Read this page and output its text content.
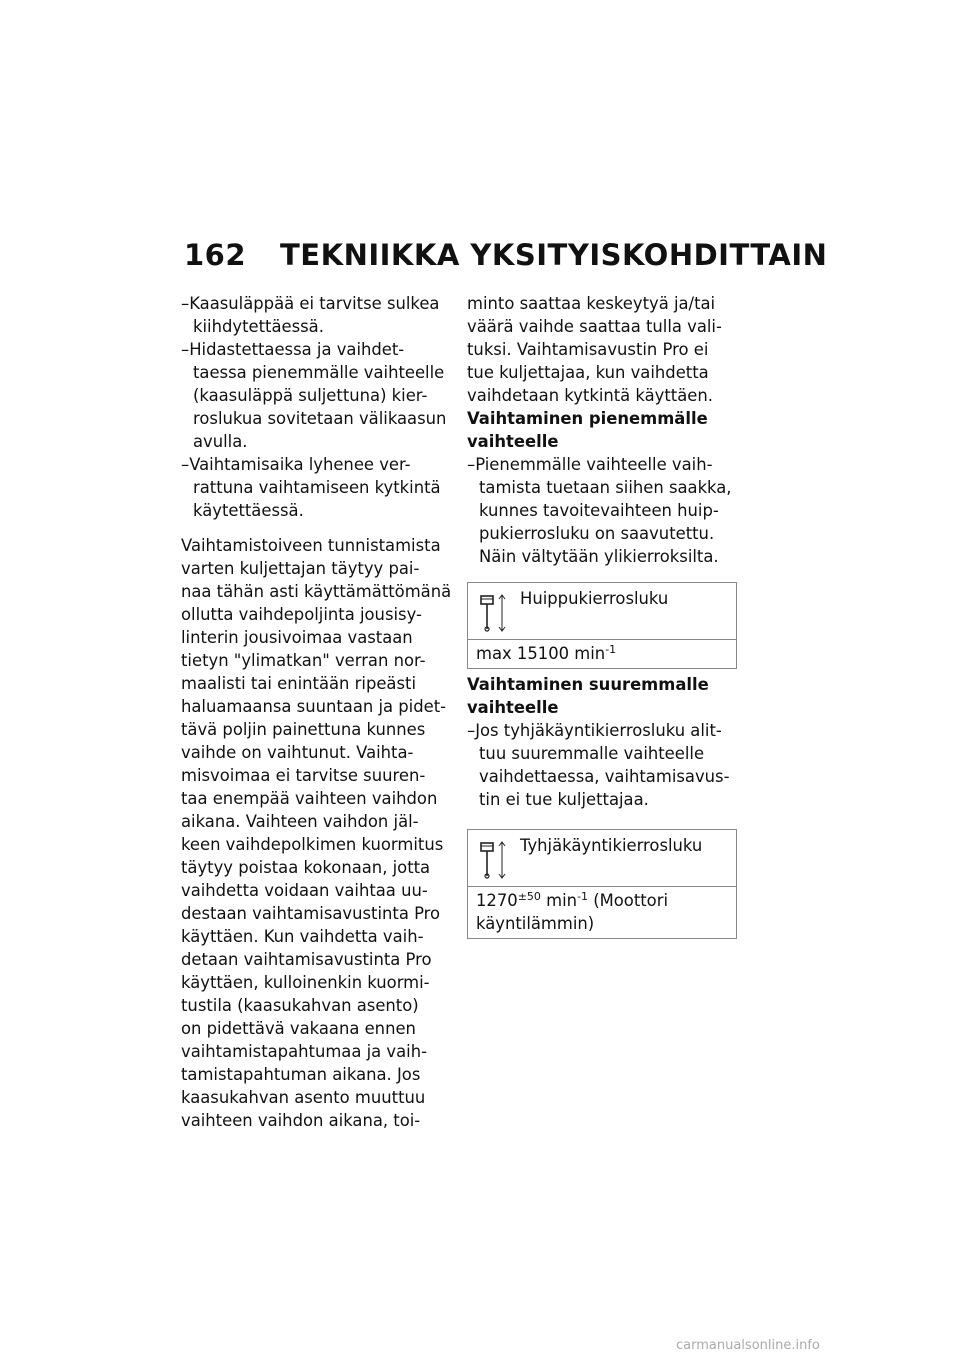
162 TEKNIIKKA YKSITYISKOHDITTAIN
–Kaasuläppää ei tarvitse sulkea
kiihdytettäessä.
–Hidastettaessa ja vaihdet-
taessa pienemmälle vaihteelle
(kaasuläppä suljettuna) kier-
roslukua sovitetaan välikaasun
avulla.
–Vaihtamisaika lyhenee ver-
rattuna vaihtamiseen kytkintä
käytettäessä.
Vaihtamistoiveen tunnistamista
varten kuljettajan täytyy pai-
naa tähän asti käyttämättömänä
ollutta vaihdepoljinta jousisy-
linterin jousivoimaa vastaan
tietyn "ylimatkan" verran nor-
maalisti tai enintään ripeästi
haluamaansa suuntaan ja pidet-
tävä poljin painettuna kunnes
vaihde on vaihtunut. Vaihta-
misvoimaa ei tarvitse suuren-
taa enempää vaihteen vaihdon
aikana. Vaihteen vaihdon jäl-
keen vaihdepolkimen kuormitus
täytyy poistaa kokonaan, jotta
vaihdetta voidaan vaihtaa uu-
destaan vaihtamisavustinta Pro
käyttäen. Kun vaihdetta vaih-
detaan vaihtamisavustinta Pro
käyttäen, kulloinenkin kuormi-
tustila (kaasukahvan asento)
on pidettävä vakaana ennen
vaihtamistapahtumaa ja vaih-
tamistapahtuman aikana. Jos
kaasukahvan asento muuttuu
vaihteen vaihdon aikana, toi-
minto saattaa keskeytyä ja/tai
väärä vaihde saattaa tulla vali-
tuksi. Vaihtamisavustin Pro ei
tue kuljettajaa, kun vaihdetta
vaihdetaan kytkintä käyttäen.
Vaihtaminen pienemmälle
vaihteelle
–Pienemmälle vaihteelle vaih-
tamista tuetaan siihen saakka,
kunnes tavoitevaihteen huip-
pukierrosluku on saavutettu.
Näin vältytään ylikierroksilta.
Huippukierrosluku
max 15100 $\min^{-1}$
Vaihtaminen suuremmalle
vaihteelle
–Jos tyhjäkäyntikierrosluku alit-
tuu suuremmalle vaihteelle
vaihdettaessa, vaihtamisavus-
tin ei tue kuljettajaa.
Tyhjäkäyntikierrosluku
$1270^{\pm 50}$ $\min^{-1}$ (Moottori
käyntilämmin)
carmanualsonline.info
